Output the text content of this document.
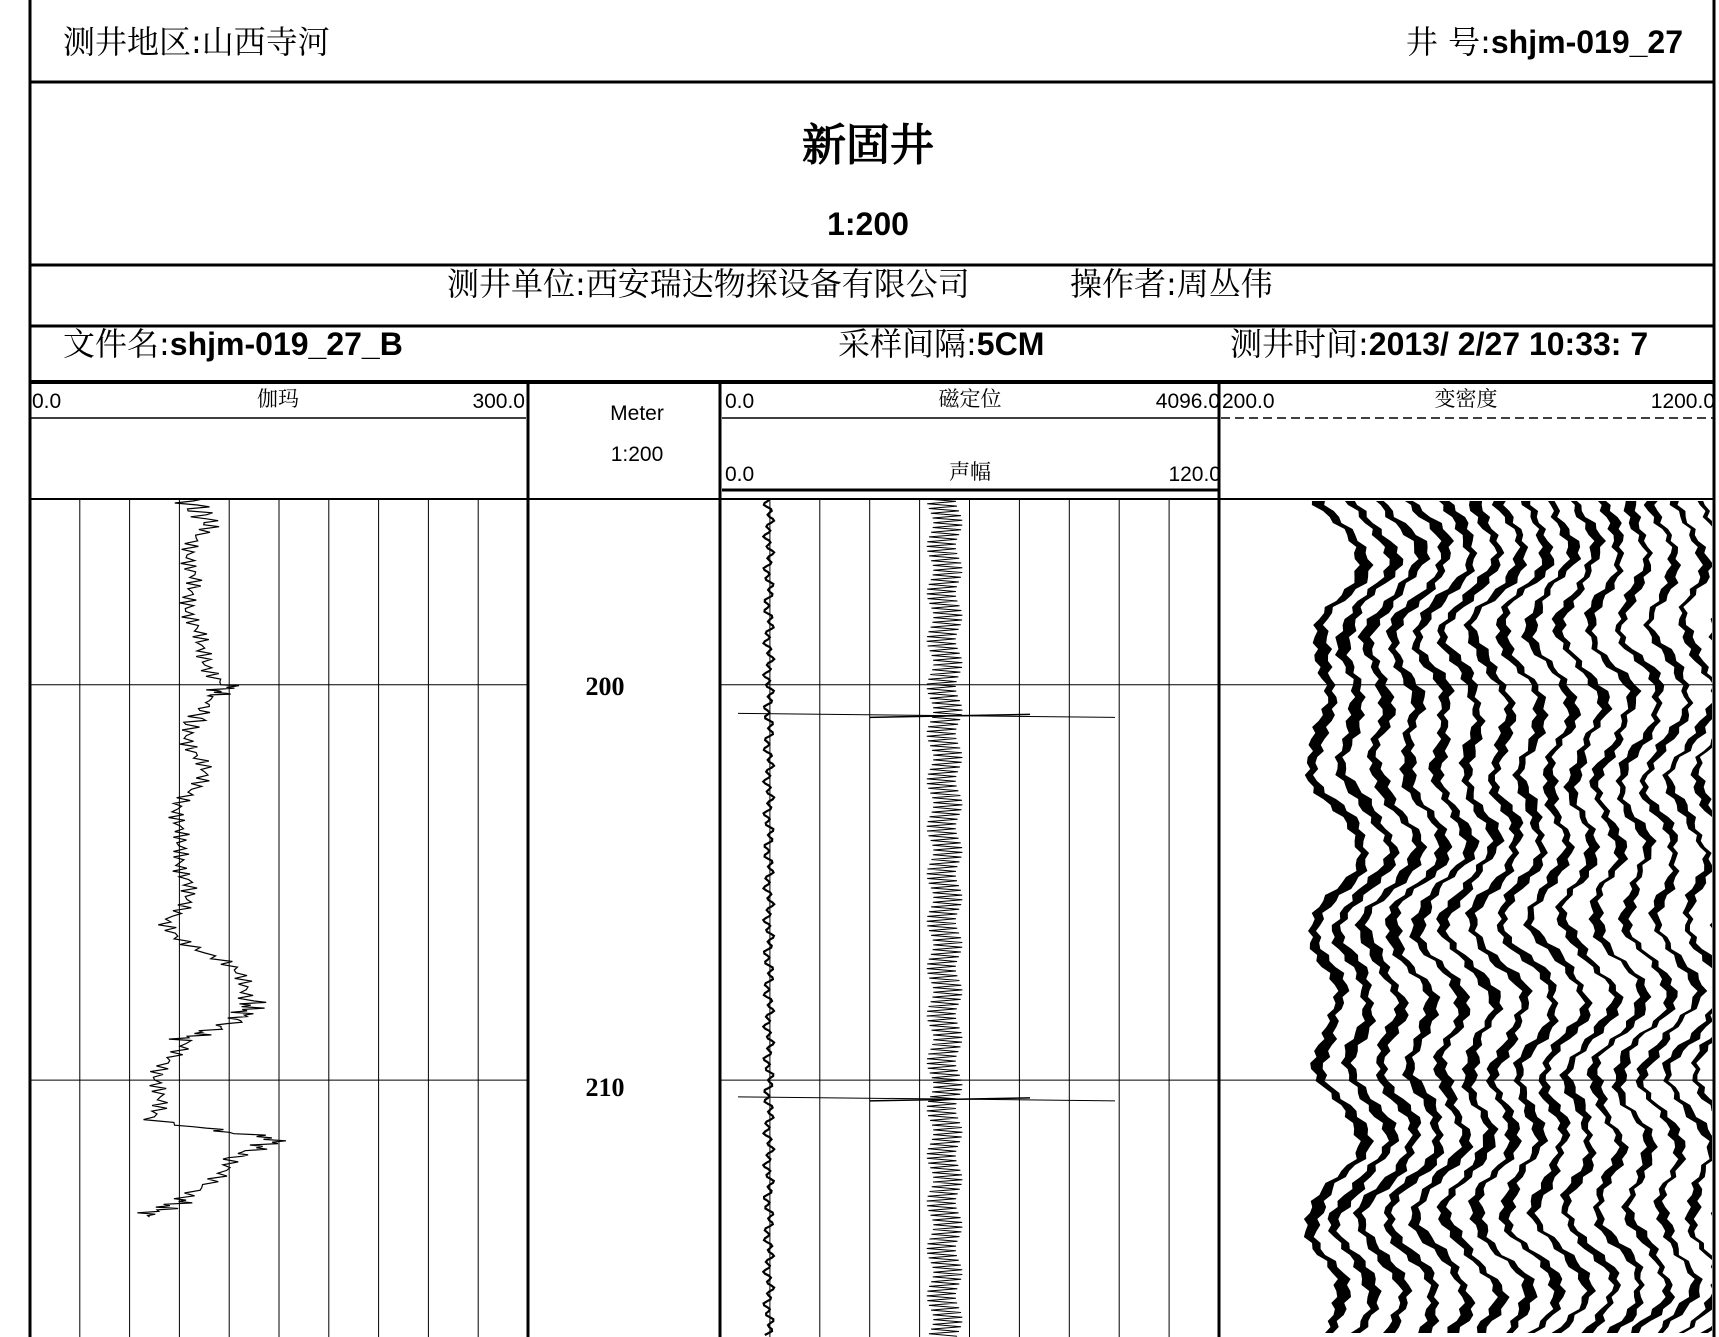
测井地区:山西寺河	井 号:shjm-019_27
新固井
1:200
测井单位:西安瑞达物探设备有限公司	操作者:周丛伟
文件名:shjm-019_27_B	采样间隔:5CM	测井时间:2013/ 2/27 10:33: 7
0.0	伽玛	300.0
Meter
1:200
0.0	磁定位	4096.0
0.0	声幅	120.0
200.0	变密度	1200.0
200
210
